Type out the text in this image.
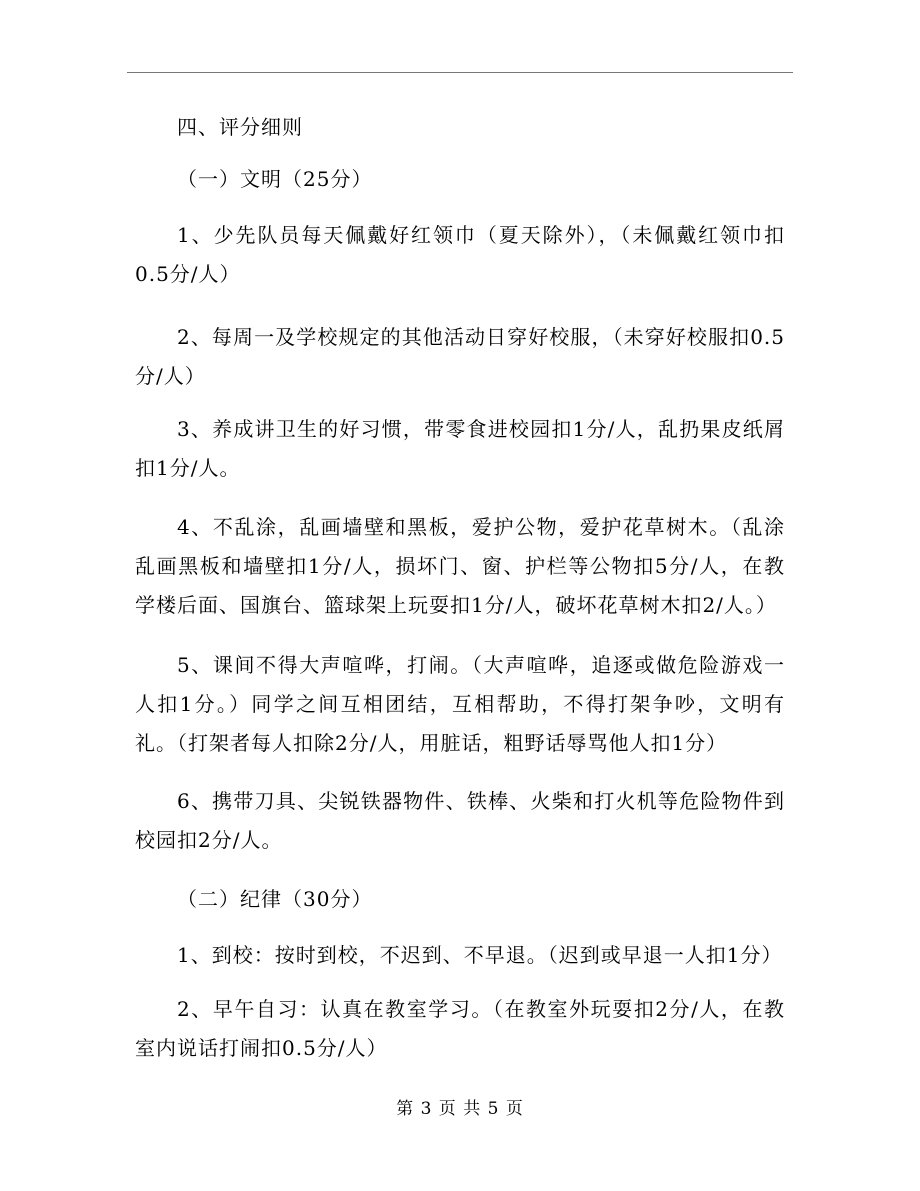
四、评分细则
（一）文明（25分）
1、少先队员每天佩戴好红领巾（夏天除外），（未佩戴红领巾扣0.5分/人）
2、每周一及学校规定的其他活动日穿好校服，（未穿好校服扣0.5分/人）
3、养成讲卫生的好习惯，带零食进校园扣1分/人，乱扔果皮纸屑扣1分/人。
4、不乱涂，乱画墙壁和黑板，爱护公物，爱护花草树木。（乱涂乱画黑板和墙壁扣1分/人，损坏门、窗、护栏等公物扣5分/人，在教学楼后面、国旗台、篮球架上玩耍扣1分/人，破坏花草树木扣2/人。）
5、课间不得大声喧哗，打闹。（大声喧哗，追逐或做危险游戏一人扣1分。）同学之间互相团结，互相帮助，不得打架争吵，文明有礼。（打架者每人扣除2分/人，用脏话，粗野话辱骂他人扣1分）
6、携带刀具、尖锐铁器物件、铁棒、火柴和打火机等危险物件到校园扣2分/人。
（二）纪律（30分）
1、到校：按时到校，不迟到、不早退。（迟到或早退一人扣1分）
2、早午自习：认真在教室学习。（在教室外玩耍扣2分/人，在教室内说话打闹扣0.5分/人）
第 3 页 共 5 页
